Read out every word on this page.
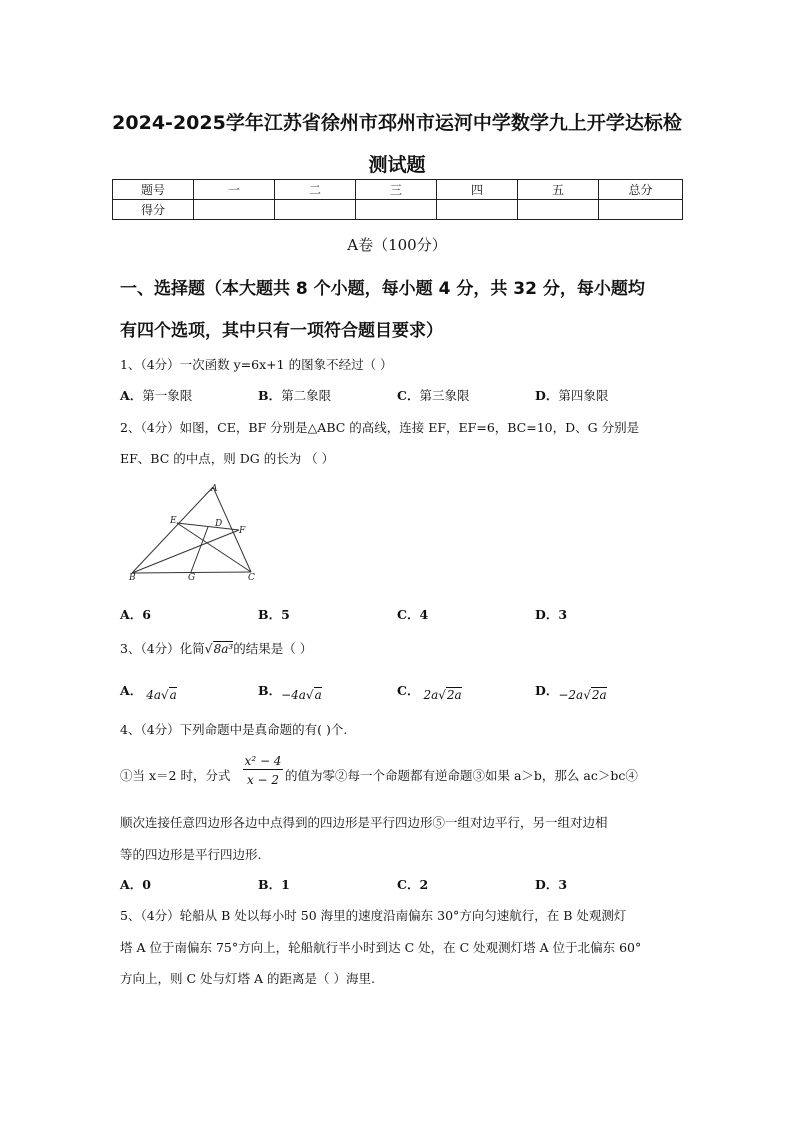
2024-2025学年江苏省徐州市邳州市运河中学数学九上开学达标检
测试题
题号	一	二	三	四	五	总分
得分						
A卷（100分）
一、选择题（本大题共 8 个小题，每小题 4 分，共 32 分，每小题均
有四个选项，其中只有一项符合题目要求）
1、（4分）一次函数 y=6x+1 的图象不经过（ ）
A．第一象限	B．第二象限	C．第三象限	D．第四象限
2、（4分）如图，CE，BF 分别是△ABC 的高线，连接 EF，EF=6，BC=10，D、G 分别是
EF、BC 的中点，则 DG 的长为 （ ）
A
E	D
F
B	G	C
A．6	B．5	C．4	D．3
3、（4分）化简√8a³的结果是（ ）
A． 4a√a	B．−4a√a	C． 2a√2a	D．−2a√2a
4、（4分）下列命题中是真命题的有( )个.
①当 x＝2 时，分式 $\frac{\text{x² − 4}}{x - 2}$ 的值为零②每一个命题都有逆命题③如果 a＞b，那么 ac＞bc④
顺次连接任意四边形各边中点得到的四边形是平行四边形⑤一组对边平行，另一组对边相
等的四边形是平行四边形.
A．0	B．1	C．2	D．3
5、（4分）轮船从 B 处以每小时 50 海里的速度沿南偏东 30°方向匀速航行，在 B 处观测灯
塔 A 位于南偏东 75°方向上，轮船航行半小时到达 C 处，在 C 处观测灯塔 A 位于北偏东 60°
方向上，则 C 处与灯塔 A 的距离是（ ）海里.
